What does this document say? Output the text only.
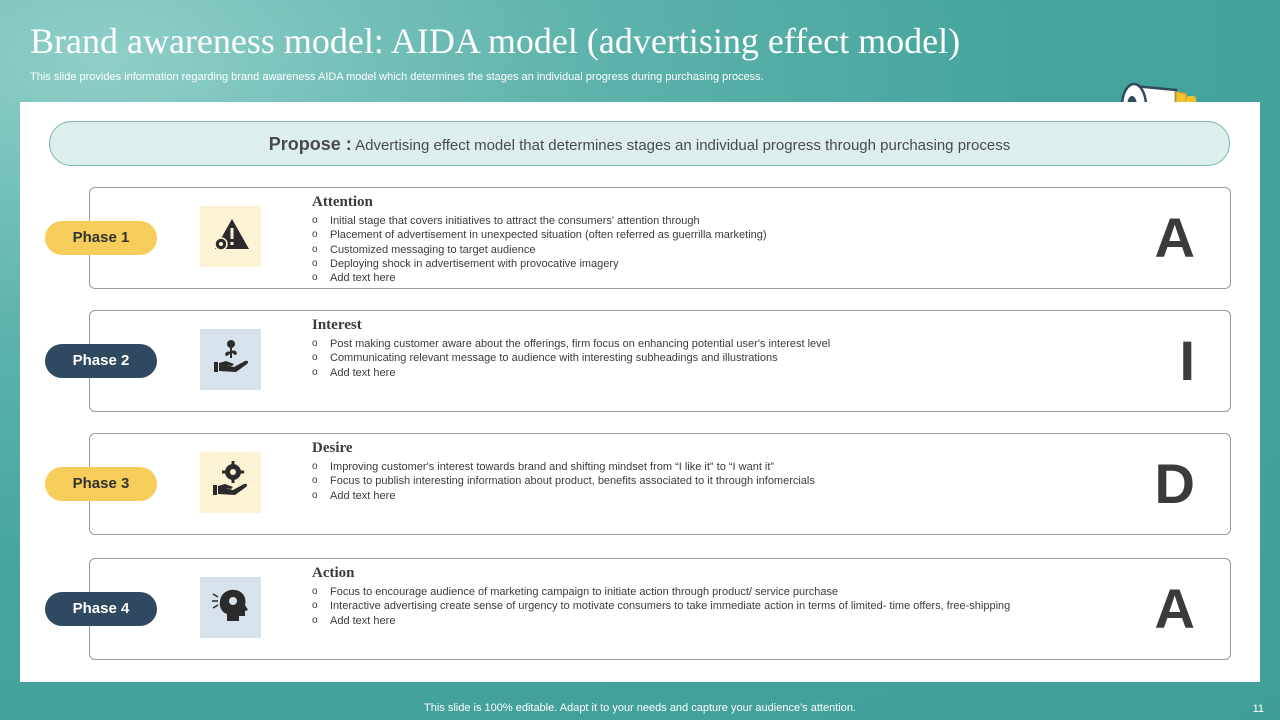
Brand awareness model: AIDA model (advertising effect model)
This slide provides information regarding brand awareness AIDA model which determines the stages an individual progress during purchasing process.
Propose : Advertising effect model that determines stages an individual progress through purchasing process
Attention
o Initial stage that covers initiatives to attract the consumers' attention through
o Placement of advertisement in unexpected situation (often referred as guerrilla marketing)
o Customized messaging to target audience
o Deploying shock in advertisement with provocative imagery
o Add text here
A
Phase 1
Interest
o Post making customer aware about the offerings, firm focus on enhancing potential user's interest level
o Communicating relevant message to audience with interesting subheadings and illustrations
o Add text here	I
Phase 2
Desire
o Improving customer's interest towards brand and shifting mindset from “I like it” to “I want it”
o Focus to publish interesting information about product, benefits associated to it through infomercials
o Add text here	D
Phase 3
Action
o Focus to encourage audience of marketing campaign to initiate action through product/ service purchase
o Interactive advertising create sense of urgency to motivate consumers to take immediate action in terms of limited- time offers, free-shipping
o Add text here	A
Phase 4
This slide is 100% editable. Adapt it to your needs and capture your audience's attention.	11
